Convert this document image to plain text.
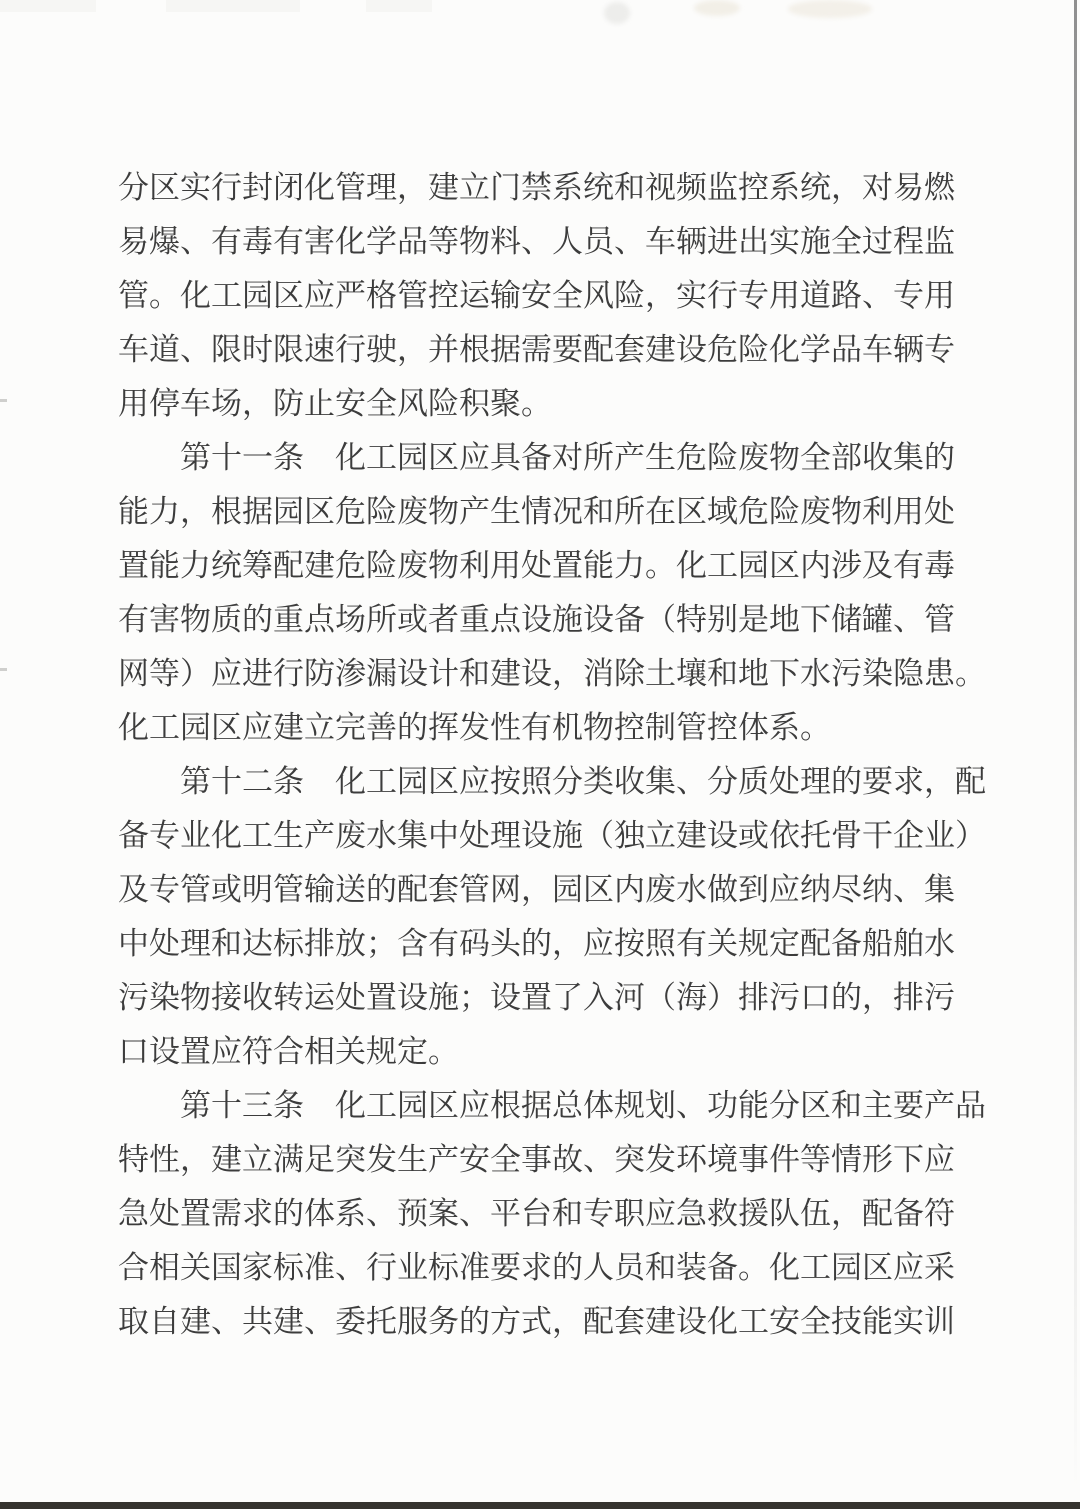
分区实行封闭化管理，建立门禁系统和视频监控系统，对易燃
易爆、有毒有害化学品等物料、人员、车辆进出实施全过程监
管。化工园区应严格管控运输安全风险，实行专用道路、专用
车道、限时限速行驶，并根据需要配套建设危险化学品车辆专
用停车场，防止安全风险积聚。
第十一条　化工园区应具备对所产生危险废物全部收集的
能力，根据园区危险废物产生情况和所在区域危险废物利用处
置能力统筹配建危险废物利用处置能力。化工园区内涉及有毒
有害物质的重点场所或者重点设施设备（特别是地下储罐、管
网等）应进行防渗漏设计和建设，消除土壤和地下水污染隐患。
化工园区应建立完善的挥发性有机物控制管控体系。
第十二条　化工园区应按照分类收集、分质处理的要求，配
备专业化工生产废水集中处理设施（独立建设或依托骨干企业）
及专管或明管输送的配套管网，园区内废水做到应纳尽纳、集
中处理和达标排放；含有码头的，应按照有关规定配备船舶水
污染物接收转运处置设施；设置了入河（海）排污口的，排污
口设置应符合相关规定。
第十三条　化工园区应根据总体规划、功能分区和主要产品
特性，建立满足突发生产安全事故、突发环境事件等情形下应
急处置需求的体系、预案、平台和专职应急救援队伍，配备符
合相关国家标准、行业标准要求的人员和装备。化工园区应采
取自建、共建、委托服务的方式，配套建设化工安全技能实训
